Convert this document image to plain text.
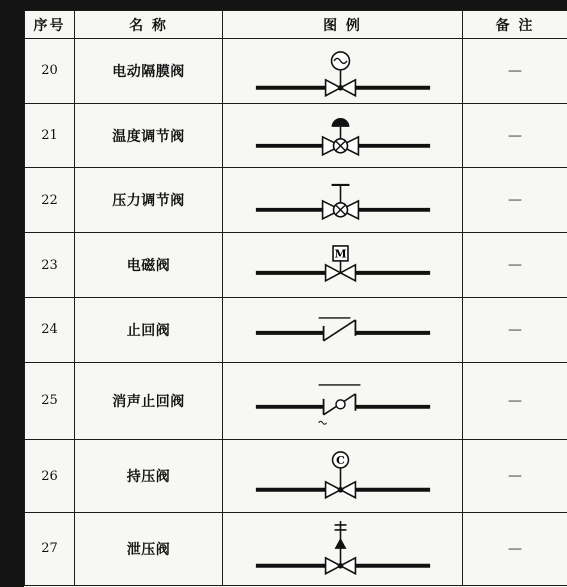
序号	名 称	图 例	备 注
20	电动隔膜阀		—
21	温度调节阀		—
22	压力调节阀		—
23	电磁阀	M	—
24	止回阀		—
25	消声止回阀		—
26	持压阀	C	—
27	泄压阀		—
